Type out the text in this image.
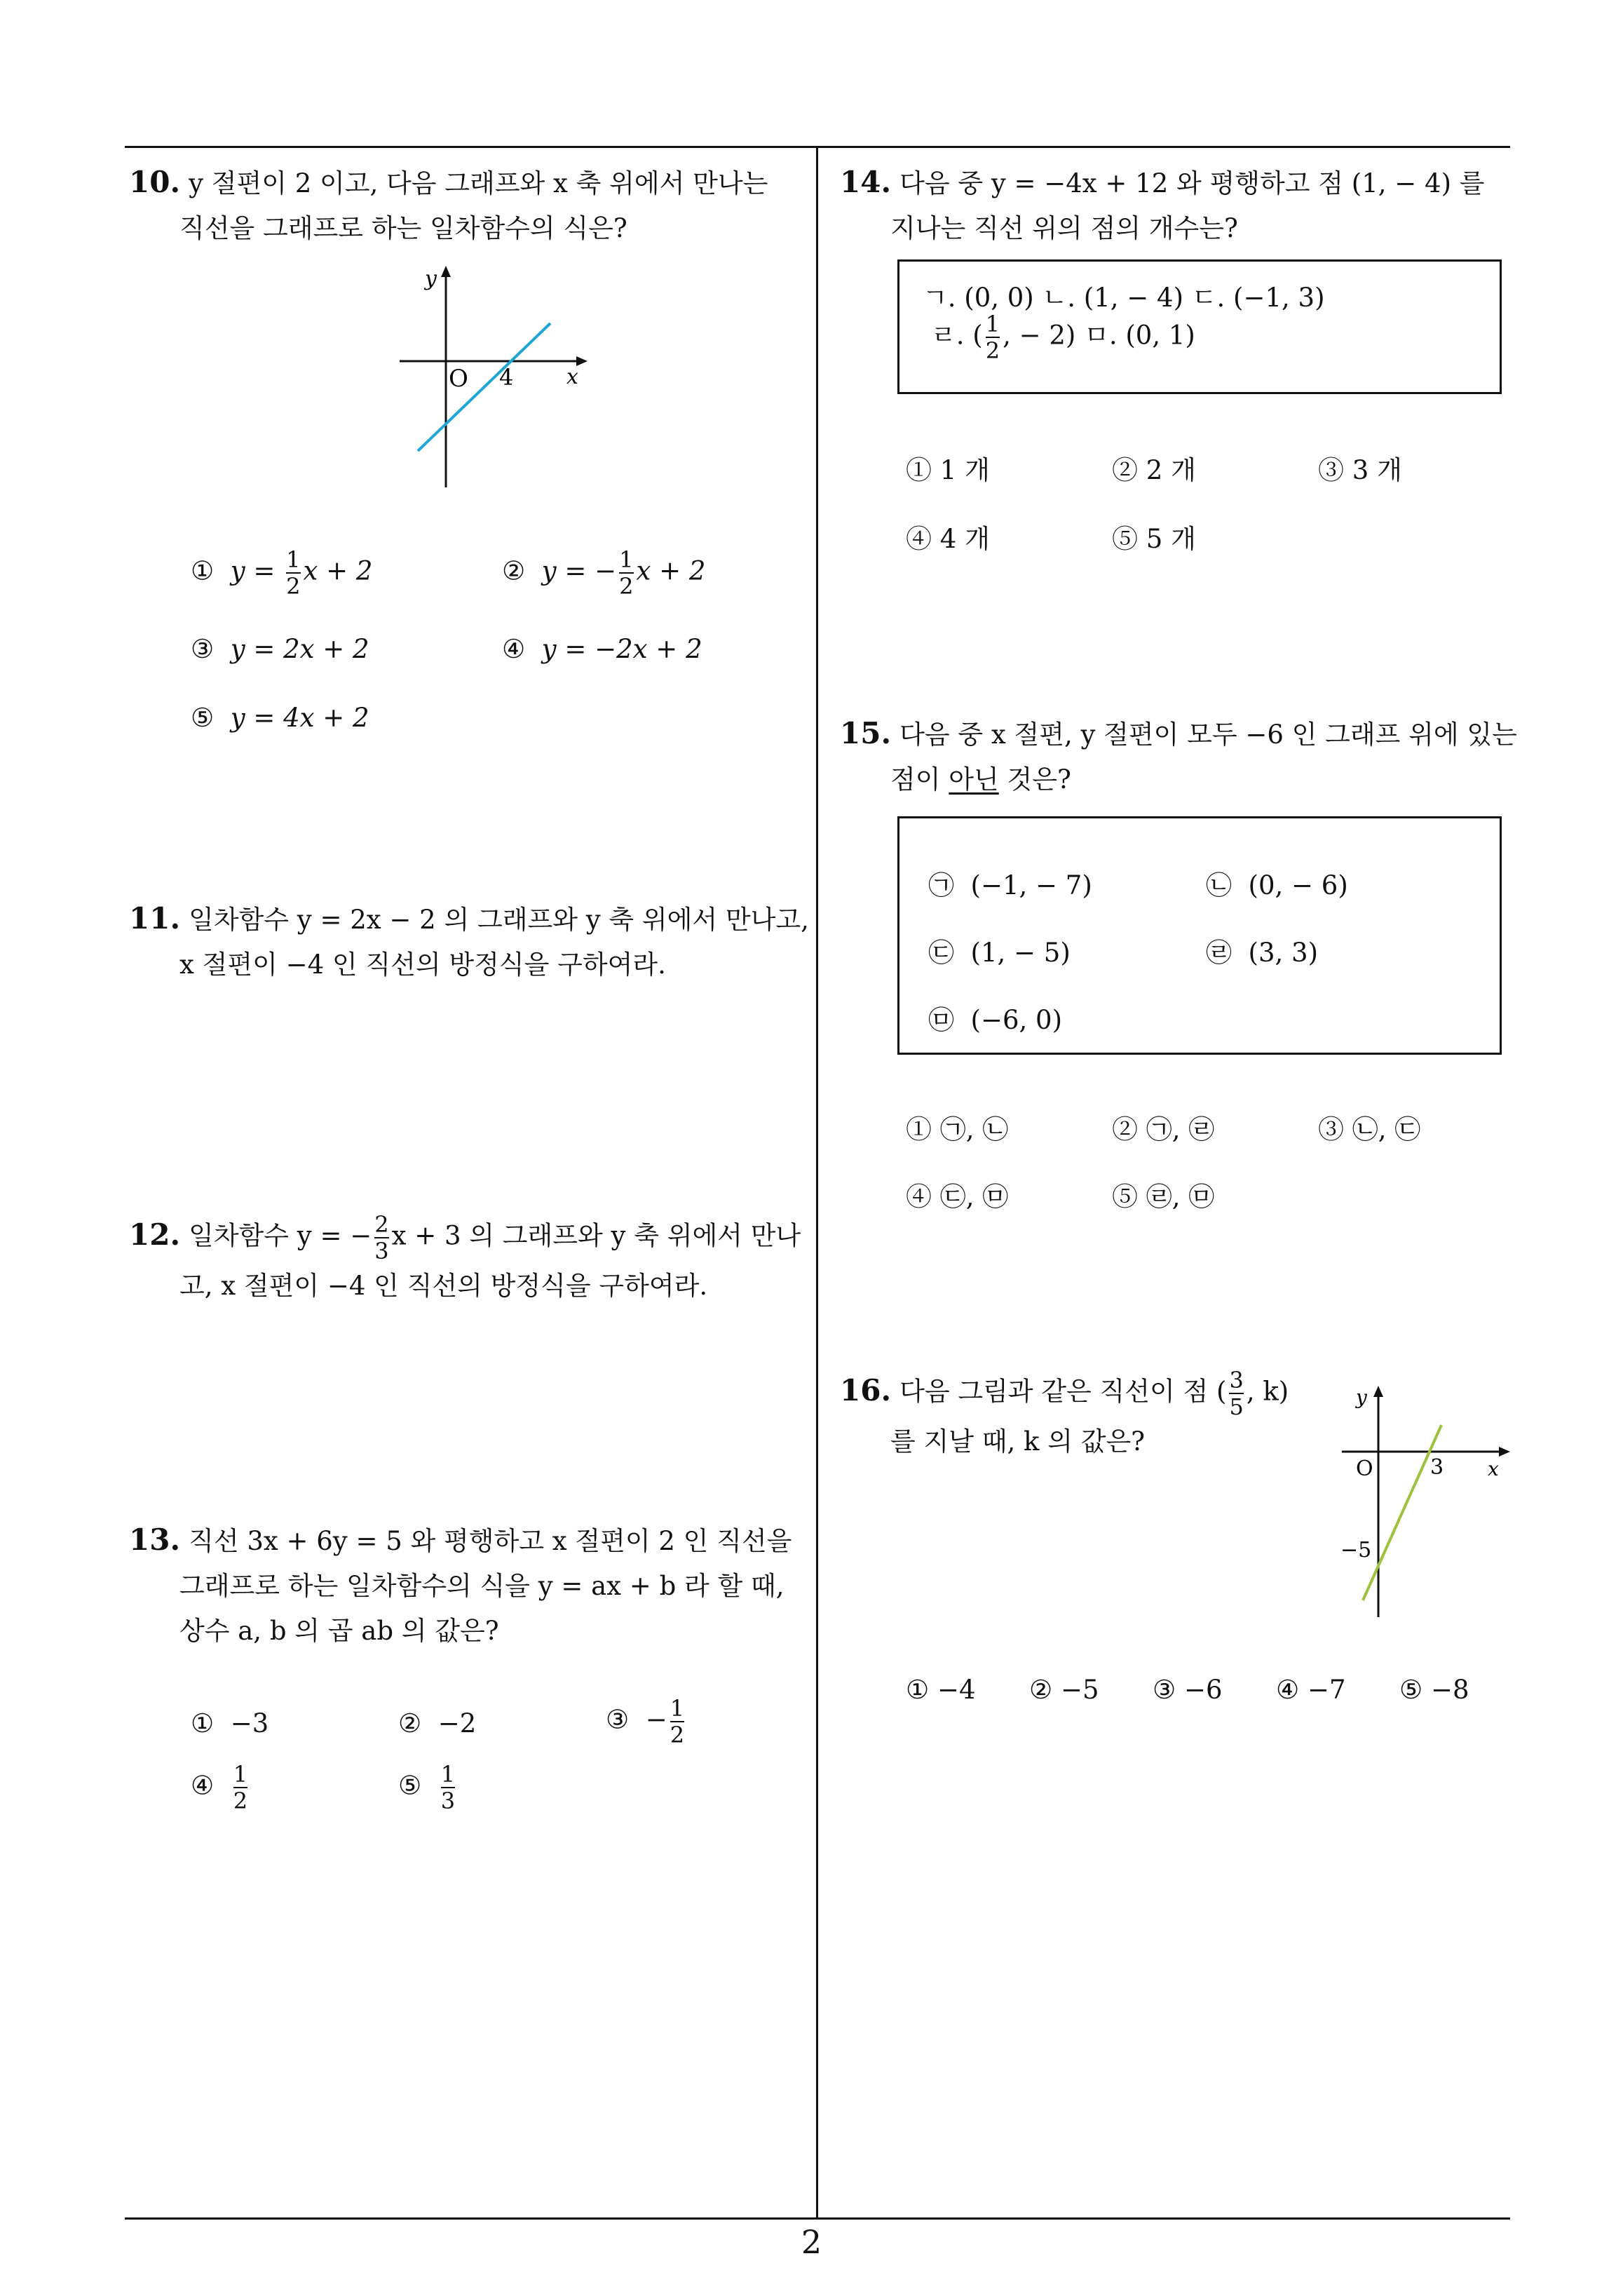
10. y 절편이 2 이고, 다음 그래프와 x 축 위에서 만나는
직선을 그래프로 하는 일차함수의 식은?
y
x
O 4
① $y = \frac{1}{2}$ x + 2	② y = − $\frac{1}{2}$ x + 2
③ y = 2x + 2	④ y = −2x + 2
⑤ y = 4x + 2
11. 일차함수 y = 2x − 2 의 그래프와 y 축 위에서 만나고,
x 절편이 −4 인 직선의 방정식을 구하여라.
12. 일차함수 y = − $\frac{2}{3}$ x + 3 의 그래프와 y 축 위에서 만나
고, x 절편이 −4 인 직선의 방정식을 구하여라.
13. 직선 3x + 6y = 5 와 평행하고 x 절편이 2 인 직선을
그래프로 하는 일차함수의 식을 y = ax + b 라 할 때,
상수 a, b 의 곱 ab 의 값은?
① −3	② −2	③ − $\frac{1}{2}$
④ $\frac{1}{2}$	⑤ $\frac{1}{3}$
14. 다음 중 y = −4x + 12 와 평행하고 점 (1, − 4) 를
지나는 직선 위의 점의 개수는?
ㄱ. (0, 0) ㄴ. (1, − 4) ㄷ. (−1, 3)
ㄹ. ( $\frac{1}{2}$ , − 2) ㅁ. (0, 1)
① 1 개	② 2 개	③ 3 개
④ 4 개	⑤ 5 개
15. 다음 중 x 절편, y 절편이 모두 −6 인 그래프 위에 있는
점이 아닌 것은?
㉠ (−1, − 7)	㉡ (0, − 6)
㉢ (1, − 5)	㉣ (3, 3)
㉤ (−6, 0)
① ㉠, ㉡	② ㉠, ㉣	③ ㉡, ㉢
④ ㉢, ㉤	⑤ ㉣, ㉤
16. 다음 그림과 같은 직선이 점 ( $\frac{3}{5}$ , k)
를 지날 때, k 의 값은?
y
x
O	3
−5
① −4 ② −5 ③ −6 ④ −7 ⑤ −8
2
